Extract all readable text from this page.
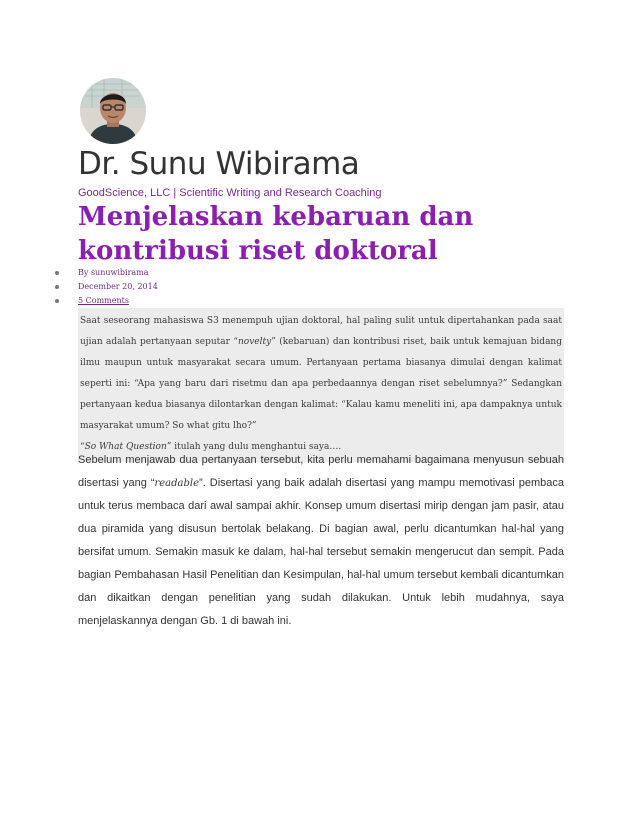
Dr. Sunu Wibirama

GoodScience, LLC | Scientific Writing and Research Coaching

Menjelaskan kebaruan dan kontribusi riset doktoral
By sunuwibirama
December 20, 2014
5 Comments

Saat seseorang mahasiswa S3 menempuh ujian doktoral, hal paling sulit untuk dipertahankan pada saat ujian adalah pertanyaan seputar “novelty” (kebaruan) dan kontribusi riset, baik untuk kemajuan bidang ilmu maupun untuk masyarakat secara umum. Pertanyaan pertama biasanya dimulai dengan kalimat seperti ini: “Apa yang baru dari risetmu dan apa perbedaannya dengan riset sebelumnya?” Sedangkan pertanyaan kedua biasanya dilontarkan dengan kalimat: “Kalau kamu meneliti ini, apa dampaknya untuk masyarakat umum? So what gitu lho?”

“So What Question” itulah yang dulu menghantui saya….

Sebelum menjawab dua pertanyaan tersebut, kita perlu memahami bagaimana menyusun sebuah disertasi yang “readable”. Disertasi yang baik adalah disertasi yang mampu memotivasi pembaca untuk terus membaca dari awal sampai akhir. Konsep umum disertasi mirip dengan jam pasir, atau dua piramida yang disusun bertolak belakang. Di bagian awal, perlu dicantumkan hal-hal yang bersifat umum. Semakin masuk ke dalam, hal-hal tersebut semakin mengerucut dan sempit. Pada bagian Pembahasan Hasil Penelitian dan Kesimpulan, hal-hal umum tersebut kembali dicantumkan dan dikaitkan dengan penelitian yang sudah dilakukan. Untuk lebih mudahnya, saya menjelaskannya dengan Gb. 1 di bawah ini.
